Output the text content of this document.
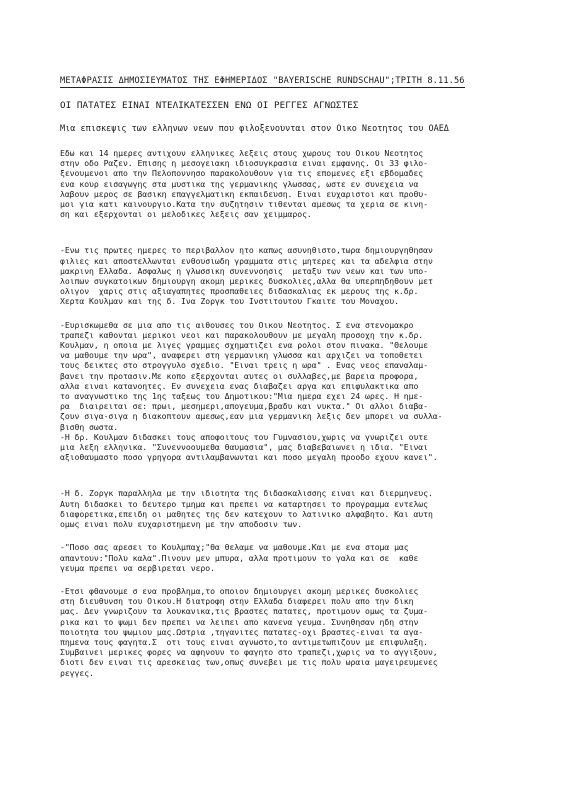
ΜΕΤΑΦΡΑΣΙΣ ΔΗΜΟΣΙΕΥΜΑΤΟΣ ΤΗΣ ΕΦΗΜΕΡΙΔΟΣ "BAYERISCHE RUNDSCHAU";ΤΡΙΤΗ 8.11.56
ΟΙ ΠΑΤΑΤΕΣ ΕΙΝΑΙ ΝΤΕΛΙΚΑΤΕΣΣΕΝ ΕΝΩ ΟΙ ΡΕΓΓΕΣ ΑΓΝΩΣΤΕΣ
Μια επισκεψις των ελληνων νεων που φιλοξενουνται στον Οικο Νεοτητος του ΟΑΕΔ
Εδω και 14 ημερες αντιχουν ελληνικες λεξεις στους χωρους του Οικου Νεοτητος
στην οδο Ραζεν. Επισης η μεσογειακη ιδιοσυγκρασια ειναι εμφανης. Οι 33 φιλο-
ξενουμενοι απο την Πελοποννησο παρακολουθουν για τις επομενες εξι εβδομαδες
ενα κουρ εισαγωγης στα μυστικα της γερμανικης γλωσσας, ωστε εν συνεχεια να
λαβουν μερος σε βασικη επαγγελματικη εκπαιδευση. Ειναι ευχαριστοι και προθυ-
μοι για κατι καινουργιο.Κατα την συζητησιν τιθενται αμεσως τα χερια σε κινη-
ση και εξερχονται οι μελοδικες λεξεις σαν χειμμαρος.
-Ενω τις πρωτες ημερες το περιβαλλον ητο καπως ασυνηθιστο,τωρα δημιουργηθησαν
φιλιες και αποστελλωνται ενθουσιωδη γραμματα στις μητερες και τα αδελφια στην
μακρινη Ελλαδα. Ασφαλως η γλωσσικη συνεννοησις  μεταξυ των νεων και των υπο-
λοιπων συγκατοικων δημιουργη ακομη μερικες δυσκολιες,αλλα θα υπερπηδηθουν μετ
ολιγον  χαρις στις αξιαγαπητες προσπαθειες διδασκαλιας εκ μερους της κ.δρ.
Χερτα Κουλμαν και της δ. Ινα Ζοργκ του Ινστιτουτου Γκαιτε του Μοναχου.
-Ευρισκωμεθα σε μια απο τις αιθουσες του Οικου Νεοτητος. Σ ενα στενομακρο
τραπεζι καθονται μερικοι νεοι και παρακολουθουν με μεγαλη προσοχη την κ.δρ.
Κουλμαν, η οποια με λιγες γραμμες σχηματιζει ενα ρολοι στον πινακα. "Θελουμε
να μαθουμε την ωρα", αναφερει στη γερμανικη γλωσσα και αρχιζει να τοποθετει
τους δεικτες στο στρογγυλο σχεδιο. "Ειναι τρεις η ωρα" . Ενας νεος επαναλαμ-
βανει την προτασιν.Με κοπο εξερχονται αυτες οι συλλαβες,με βαρεια προφορα,
αλλα ειναι κατανοητες. Εν συνεχεια ενας διαβαζει αργα και επιφυλακτικα απο
το αναγνωστικο της 1ης ταξεως του Δημοτικου:"Μια ημερα εχει 24 ωρες. Η ημε-
ρα  διαιρειται σε: πρωι, μεσημερι,απογευμα,βραδυ και νυκτα." Οι αλλοι διαβα-
ζουν σιγα-σιγα η διακοπτουν αμεσως,εαν μια γερμανικη λεξις δεν μπορει να συλλα-
βισθη σωστα.
-Η δρ. Κουλμαν διδασκει τους αποφοιτους του Γυμνασιου,χωρις να γνωριζει ουτε
μια λεξη ελληνικα. "Συνεννοουμεθα θαυμασια", μας διαβεβαιωνει η ιδια. "Ειναι
αξιοθαυμαστο ποσο γρηγορα αντιλαμβανωνται και ποσο μεγαλη προοδο εχουν κανει".
-Η δ. Ζοργκ παραλληλα με την ιδιοτητα της διδασκαλισσης ειναι και διερμηνευς.
Αυτη διδασκει το δευτερο τμημα και πρεπει να καταρτησει το προγραμμα εντελως
διαφορετικα,επειδη οι μαθητες της δεν κατεχουν το λατινικο αλφαβητο. Και αυτη
ομως ειναι πολυ ευχαριστημενη με την αποδοσιν των.
-"Ποσο σας αρεσει το Κουλμπαχ;"θα θελαμε να μαθουμε.Και με ενα στομα μας
απαντουν:"Πολυ καλα".Πινουν μεν μπυρα, αλλα προτιμουν το γαλα και σε  καθε
γευμα πρεπει να σερβιρεται νερο.
-Ετσι φθανουμε σ ενα προβλημα,το οποιον δημιουργει ακομη μερικες δυσκολιες
στη διευθυνση του Οικου.Η διατροφη στην Ελλαδα διαφερει πολυ απο την δικη
μας. Δεν γνωριζουν τα λουκανικα,τις βραστες πατατες, προτιμουν ομως τα ζυμα-
ρικα και το ψωμι δεν πρεπει να λειπει απο κανενα γευμα. Συνηθησαν ηδη στην
ποιοτητα του ψωμιου μας.Ωστρια ,τηγανιτες πατατες-οχι βραστες-ειναι τα αγα-
πημενα τους φαγητα.Σ  οτι τους ειναι αγνωστο,το αντιμετωπιζουν με επιφυλαξη.
Συμβαινει μερικες φορες να αφηνουν το φαγητο στο τραπεζι,χωρις να το αγγιξουν,
διοτι δεν ειναι τις αρεσκειας των,οπως συνεβει με τις πολυ ωραια μαγειρευμενες
ρεγγες.
